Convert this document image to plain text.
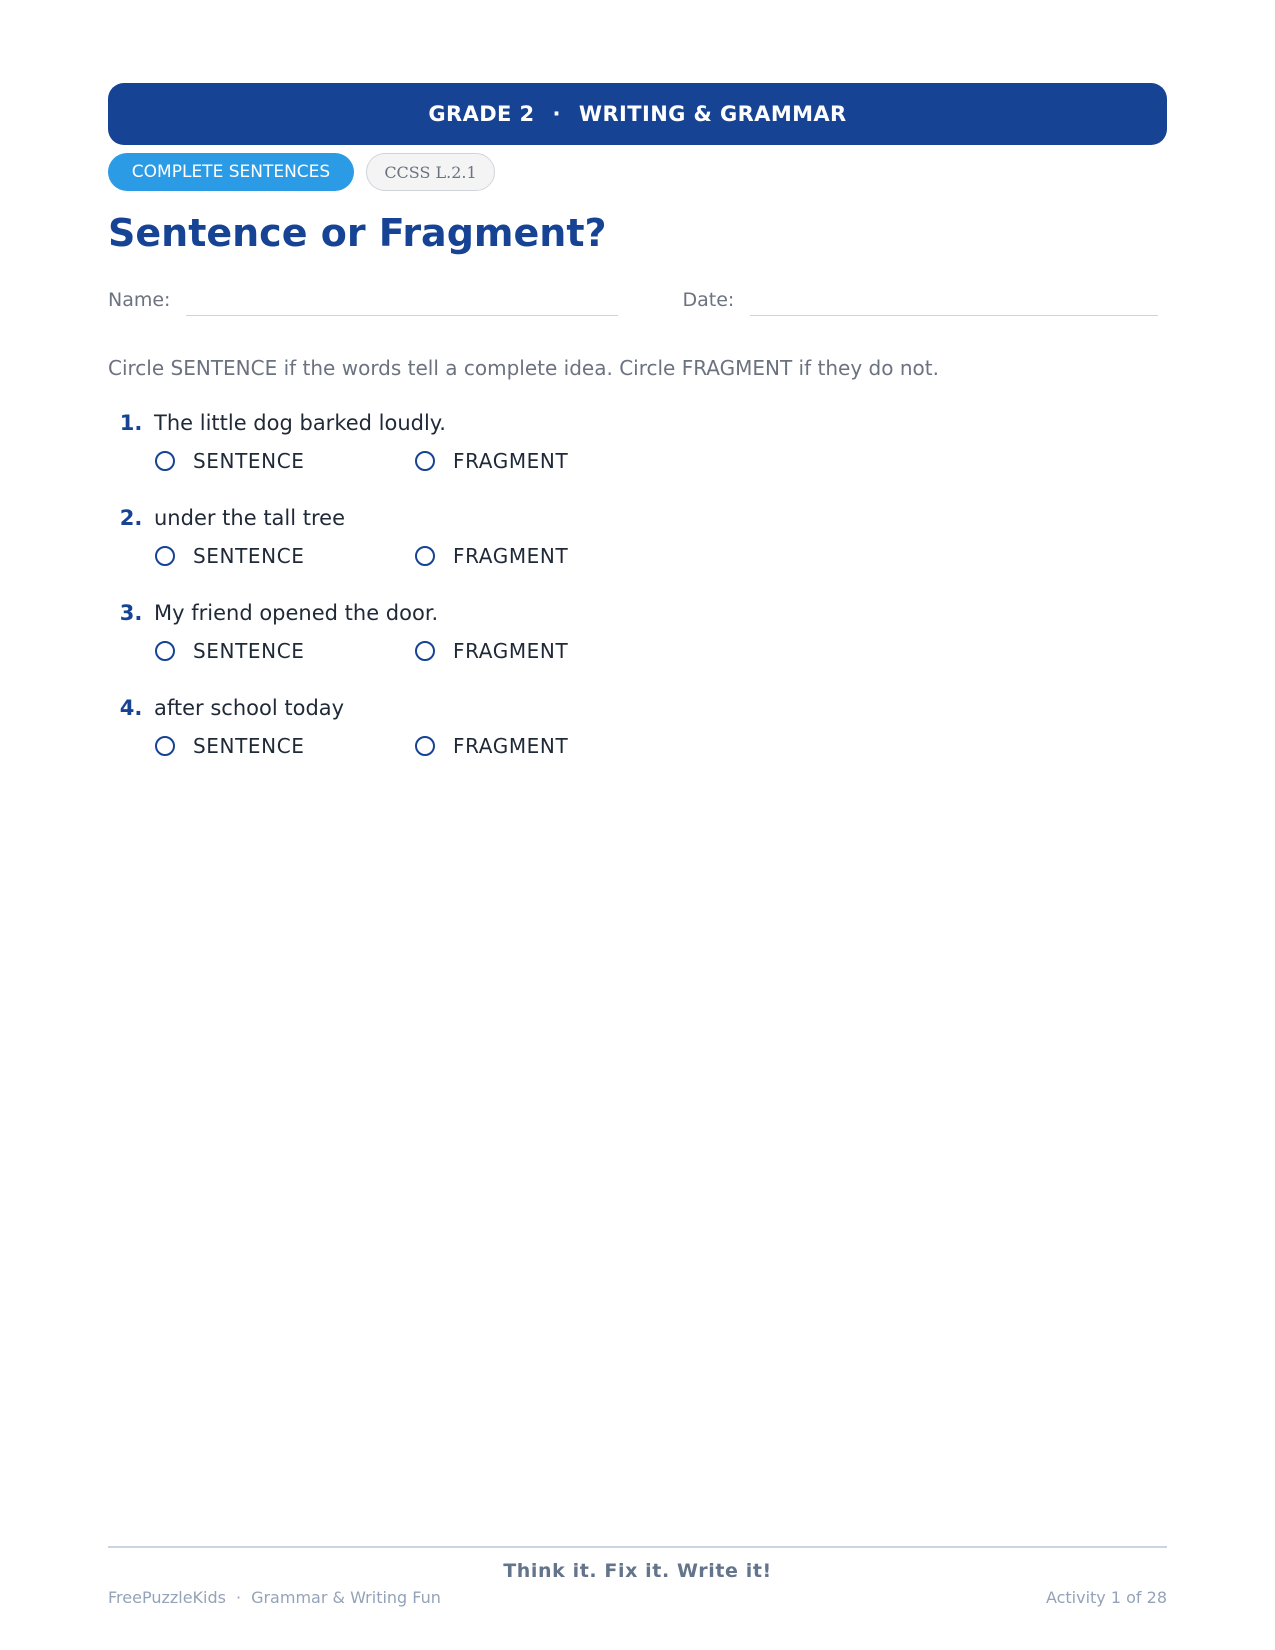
GRADE 2 · WRITING & GRAMMAR
COMPLETE SENTENCES	CCSS L.2.1
Sentence or Fragment?
Name:	Date:
Circle SENTENCE if the words tell a complete idea. Circle FRAGMENT if they do not.
1. The little dog barked loudly.
SENTENCE	FRAGMENT
2. under the tall tree
SENTENCE	FRAGMENT
3. My friend opened the door.
SENTENCE	FRAGMENT
4. after school today
SENTENCE	FRAGMENT
Think it. Fix it. Write it!
FreePuzzleKids · Grammar & Writing Fun	Activity 1 of 28
